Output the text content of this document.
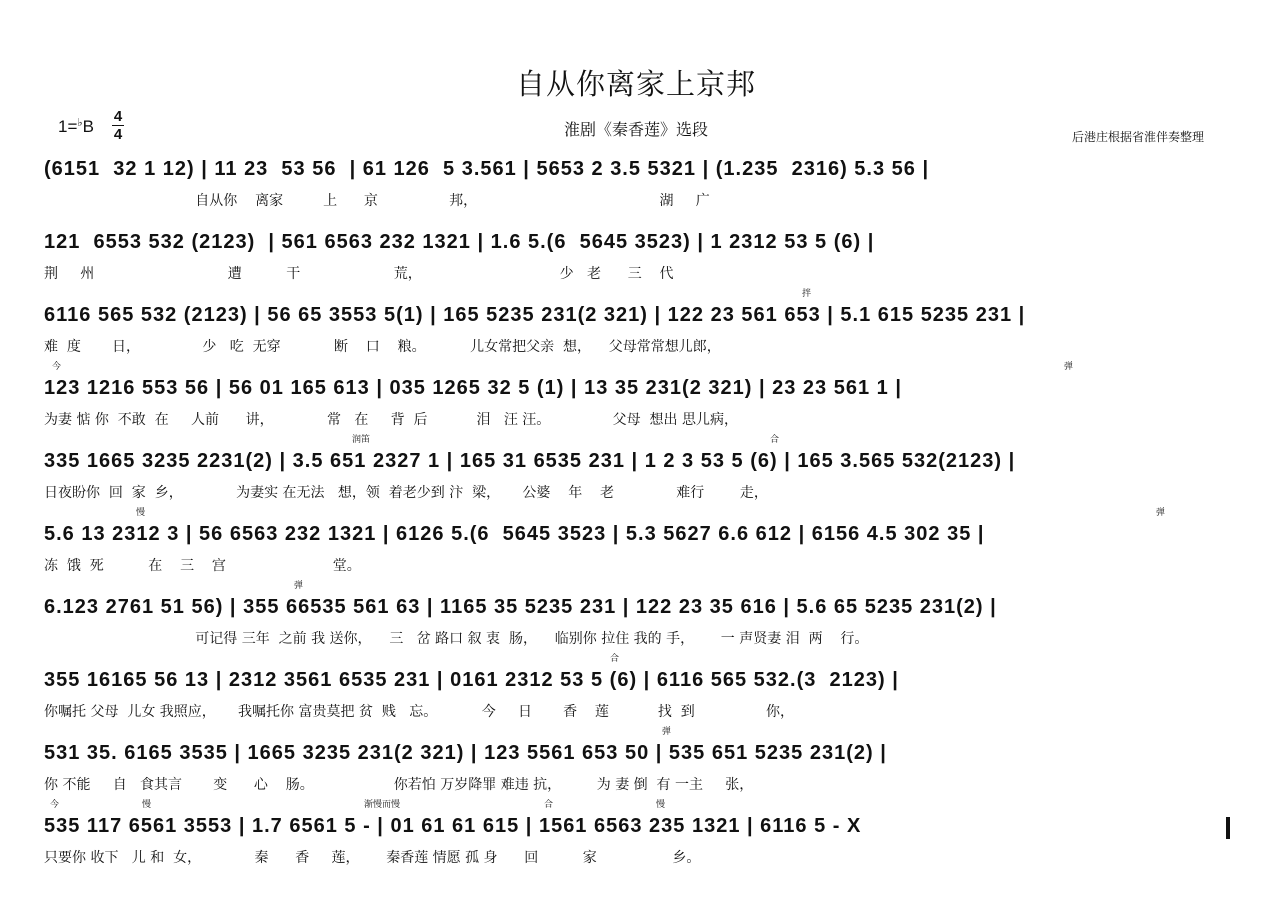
自从你离家上京邦
1=♭B
4
4	淮剧《秦香莲》选段	后港庄根据省淮伴奏整理
(6151  32 1 12) | 11 23  53 56  | 61 126  5 3.561 | 5653 2 3.5 5321 | (1.235  2316) 5.3 56 |
自从你    离家         上      京                邦，                                         湖     广
121  6553 532 (2123)  | 561 6563 232 1321 | 1.6 5.(6  5645 3523) | 1 2312 53 5 (6) |
荆     州                              遭          干                     荒，                               少   老      三    代
拌
6116 565 532 (2123) | 56 65 3553 5(1) | 165 5235 231(2 321) | 122 23 561 653 | 5.1 615 5235 231 |
难  度       日，              少   吃  无穿            断    口    粮。          儿女常把父亲  想，    父母常常想儿郎，
今	弹
123 1216 553 56 | 56 01 165 613 | 035 1265 32 5 (1) | 13 35 231(2 321) | 23 23 561 1 |
为妻 惦 你  不敢  在     人前      讲，            常   在     背  后           泪   汪 汪。              父母  想出 思儿病，
润笛	合
335 1665 3235 2231(2) | 3.5 651 2327 1 | 165 31 6535 231 | 1 2 3 53 5 (6) | 165 3.565 532(2123) |
日夜盼你  回  家  乡，            为妻实 在无法   想，领  着老少到 汴  梁，     公婆    年    老              难行        走，
慢	弹
5.6 13 2312 3 | 56 6563 232 1321 | 6126 5.(6  5645 3523 | 5.3 5627 6.6 612 | 6156 4.5 302 35 |
冻  饿  死          在    三    宫                        堂。
弹
6.123 2761 51 56) | 355 66535 561 63 | 1165 35 5235 231 | 122 23 35 616 | 5.6 65 5235 231(2) |
可记得 三年  之前 我 送你，    三   岔 路口 叙 衷  肠，    临别你 拉住 我的 手，      一 声贤妻 泪  两    行。
合
355 16165 56 13 | 2312 3561 6535 231 | 0161 2312 53 5 (6) | 6116 565 532.(3  2123) |
你嘱托 父母  儿女 我照应，     我嘱托你 富贵莫把 贫  贱   忘。          今     日       香    莲           找  到                你，
弹
531 35. 6165 3535 | 1665 3235 231(2 321) | 123 5561 653 50 | 535 651 5235 231(2) |
你 不能     自   食其言       变      心    肠。                  你若怕 万岁降罪 难违 抗，        为 妻 倒  有 一主     张，
今	慢	渐慢而慢	合	慢
535 117 6561 3553 | 1.7 6561 5 - | 01 61 61 615 | 1561 6563 235 1321 | 6116 5 - X
只要你 收下   儿 和  女，            秦      香     莲，      秦香莲 情愿 孤 身      回          家                 乡。
